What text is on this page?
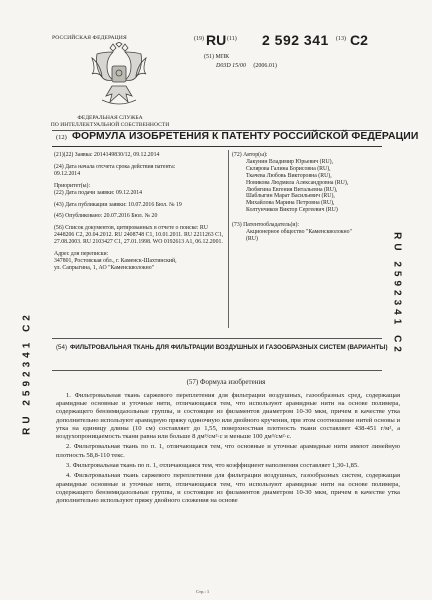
РОССИЙСКАЯ ФЕДЕРАЦИЯ
ФЕДЕРАЛЬНАЯ СЛУЖБА
ПО ИНТЕЛЛЕКТУАЛЬНОЙ СОБСТВЕННОСТИ
(19) RU (11) 2 592 341 (13) C2
(51) МПК
D03D 15/00 (2006.01)
(12) ФОРМУЛА ИЗОБРЕТЕНИЯ К ПАТЕНТУ РОССИЙСКОЙ ФЕДЕРАЦИИ
(21)(22) Заявка: 2014149830/12, 09.12.2014
(24) Дата начала отсчета срока действия патента:
09.12.2014
Приоритет(ы):
(22) Дата подачи заявки: 09.12.2014
(43) Дата публикации заявки: 10.07.2016 Бюл. № 19
(45) Опубликовано: 20.07.2016 Бюл. № 20
(56) Список документов, цитированных в отчете о поиске: RU 2448206 C2, 20.04.2012. RU 2408748 C1, 10.01.2011. RU 2211263 C1, 27.08.2003. RU 2103427 C1, 27.01.1998. WO 0192613 A1, 06.12.2001.
Адрес для переписки:
347801, Ростовская обл., г. Каменск-Шахтинский,
ул. Сапрыгина, 1, АО "Каменскволокно"
(72) Автор(ы):
Лакунин Владимир Юрьевич (RU),
Склярова Галина Борисовна (RU),
Ткачева Любовь Викторовна (RU),
Новикова Людмила Александровна (RU),
Любягина Евгения Витальевна (RU),
Шаблыгин Марат Васильевич (RU),
Михайлова Марина Петровна (RU),
Колтунчиков Виктор Сергеевич (RU)
(73) Патентообладатель(и):
Акционерное общество "Каменскволокно"
(RU)	RU 2592341 C2
RU 2592341 C2	(54) ФИЛЬТРОВАЛЬНАЯ ТКАНЬ ДЛЯ ФИЛЬТРАЦИИ ВОЗДУШНЫХ И ГАЗООБРАЗНЫХ СИСТЕМ (ВАРИАНТЫ)
(57) Формула изобретения

1. Фильтровальная ткань саржевого переплетения для фильтрации воздушных, газообразных сред, содержащая арамидные основные и уточные нити, отличающаяся тем, что используют арамидные нити на основе полимера, содержащего бензимидазольные группы, и состоящие из филаментов диаметром 10-30 мкм, причем в качестве утка дополнительно используют арамидную пряжу одиночную или двойного кручения, при этом соотношение нитей основы и утка на единицу длины (10 см) составляет до 1,55, поверхностная плотность ткани составляет 438-451 г/м², а воздухопроницаемость ткани равна или больше 8 дм³/см²·с и меньше 100 дм³/см²·с.

2. Фильтровальная ткань по п. 1, отличающаяся тем, что основные и уточные арамидные нити имеют линейную плотность 58,8-110 текс.

3. Фильтровальная ткань по п. 1, отличающаяся тем, что коэффициент наполнения составляет 1,30-1,85.

4. Фильтровальная ткань саржевого переплетения для фильтрации воздушных, газообразных систем, содержащая арамидные основные и уточные нити, отличающаяся тем, что используют арамидные нити на основе полимера, содержащего бензимидазольные группы, и состоящие из филаментов диаметром 10-30 мкм, причем в качестве утка дополнительно используют пряжу двойного сложения на основе

Стр.: 1
